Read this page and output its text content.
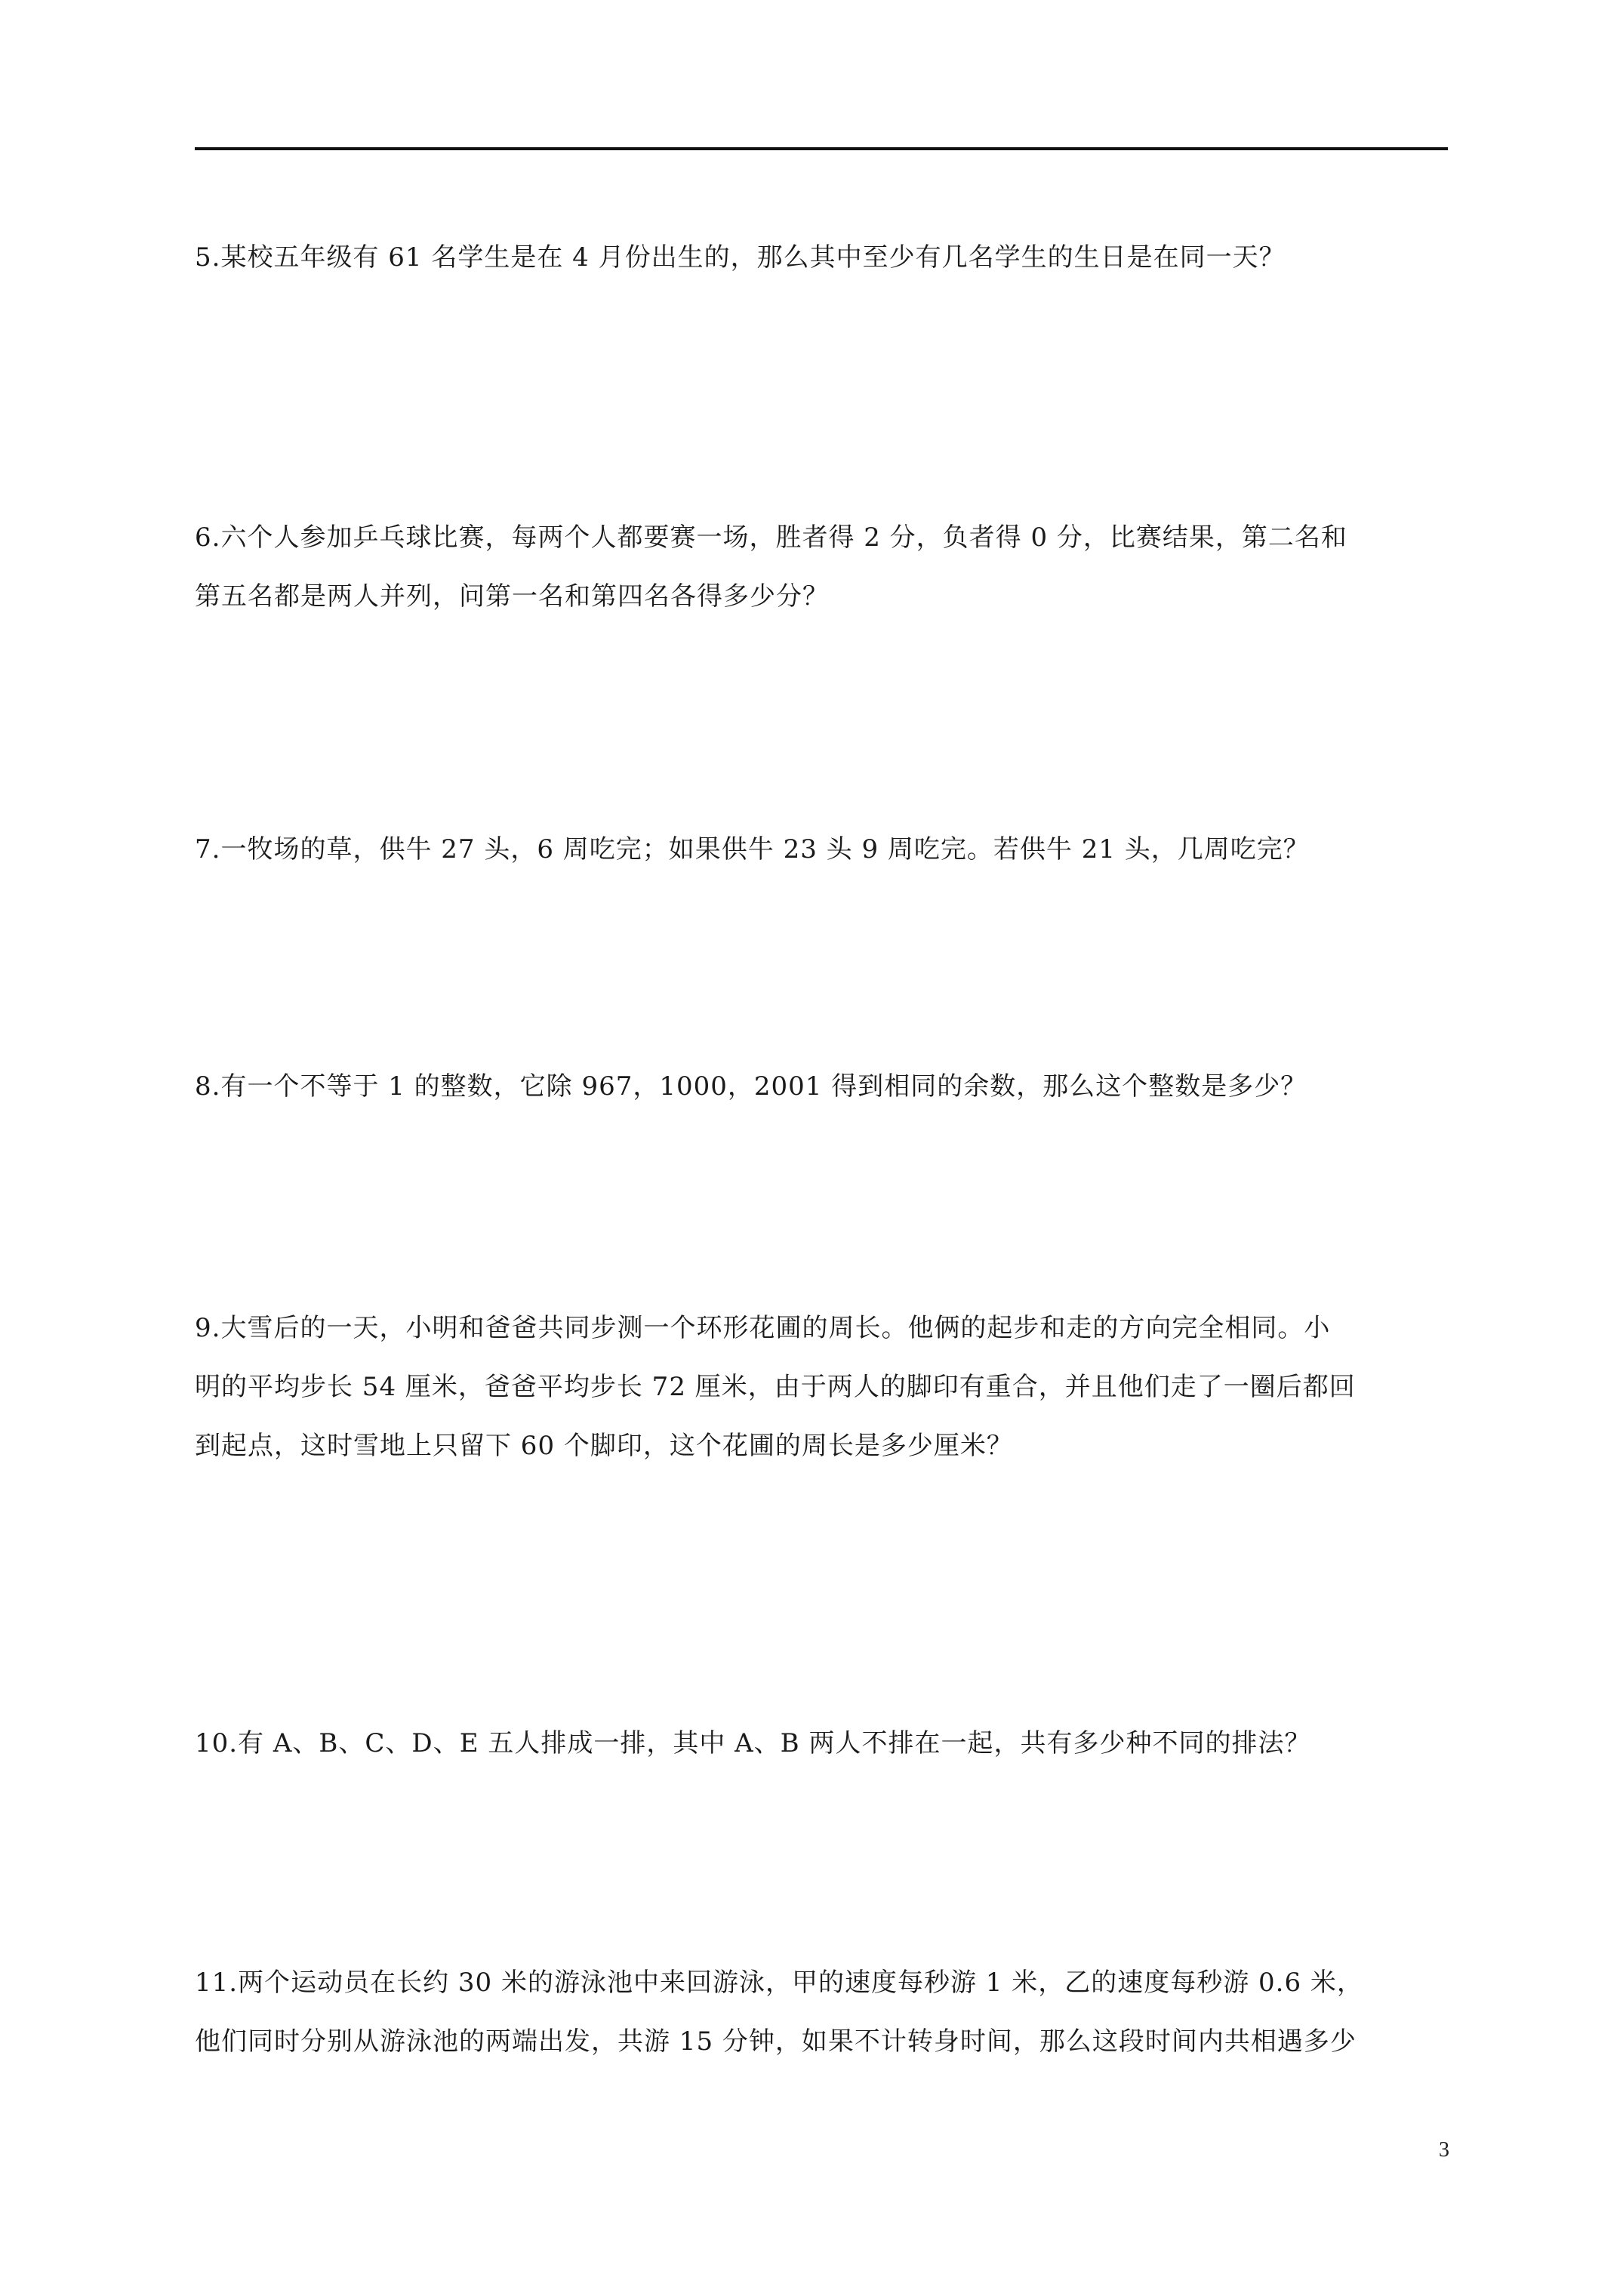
5.某校五年级有 61 名学生是在 4 月份出生的，那么其中至少有几名学生的生日是在同一天？
6.六个人参加乒乓球比赛，每两个人都要赛一场，胜者得 2 分，负者得 0 分，比赛结果，第二名和
第五名都是两人并列，问第一名和第四名各得多少分？
7.一牧场的草，供牛 27 头，6 周吃完；如果供牛 23 头 9 周吃完。若供牛 21 头，几周吃完？
8.有一个不等于 1 的整数，它除 967，1000，2001 得到相同的余数，那么这个整数是多少？
9.大雪后的一天，小明和爸爸共同步测一个环形花圃的周长。他俩的起步和走的方向完全相同。小
明的平均步长 54 厘米，爸爸平均步长 72 厘米，由于两人的脚印有重合，并且他们走了一圈后都回
到起点，这时雪地上只留下 60 个脚印，这个花圃的周长是多少厘米？
10.有 A、B、C、D、E 五人排成一排，其中 A、B 两人不排在一起，共有多少种不同的排法？
11.两个运动员在长约 30 米的游泳池中来回游泳，甲的速度每秒游 1 米，乙的速度每秒游 0.6 米，
他们同时分别从游泳池的两端出发，共游 15 分钟，如果不计转身时间，那么这段时间内共相遇多少
3
